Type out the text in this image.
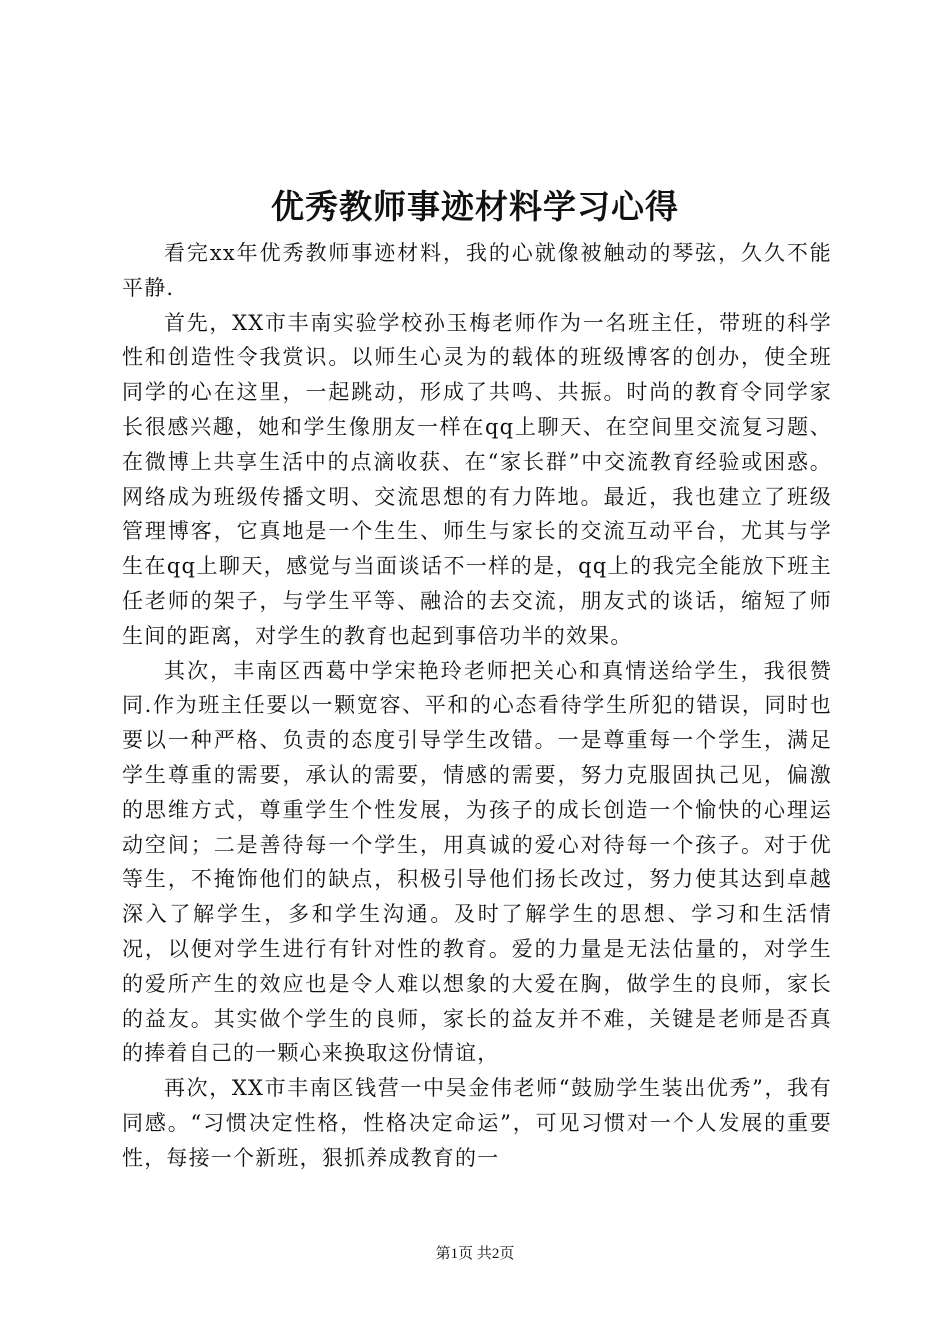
优秀教师事迹材料学习心得

看完xx年优秀教师事迹材料，我的心就像被触动的琴弦，久久不能平静.

首先，XX市丰南实验学校孙玉梅老师作为一名班主任，带班的科学性和创造性令我赏识。以师生心灵为的载体的班级博客的创办，使全班同学的心在这里，一起跳动，形成了共鸣、共振。时尚的教育令同学家长很感兴趣，她和学生像朋友一样在qq上聊天、在空间里交流复习题、在微博上共享生活中的点滴收获、在“家长群”中交流教育经验或困惑。网络成为班级传播文明、交流思想的有力阵地。最近，我也建立了班级管理博客，它真地是一个生生、师生与家长的交流互动平台，尤其与学生在qq上聊天，感觉与当面谈话不一样的是，qq上的我完全能放下班主任老师的架子，与学生平等、融洽的去交流，朋友式的谈话，缩短了师生间的距离，对学生的教育也起到事倍功半的效果。

其次，丰南区西葛中学宋艳玲老师把关心和真情送给学生，我很赞同.作为班主任要以一颗宽容、平和的心态看待学生所犯的错误，同时也要以一种严格、负责的态度引导学生改错。一是尊重每一个学生，满足学生尊重的需要，承认的需要，情感的需要，努力克服固执己见，偏激的思维方式，尊重学生个性发展，为孩子的成长创造一个愉快的心理运动空间；二是善待每一个学生，用真诚的爱心对待每一个孩子。对于优等生，不掩饰他们的缺点，积极引导他们扬长改过，努力使其达到卓越深入了解学生，多和学生沟通。及时了解学生的思想、学习和生活情况，以便对学生进行有针对性的教育。爱的力量是无法估量的，对学生的爱所产生的效应也是令人难以想象的大爱在胸，做学生的良师，家长的益友。其实做个学生的良师，家长的益友并不难，关键是老师是否真的捧着自己的一颗心来换取这份情谊，

再次，XX市丰南区钱营一中吴金伟老师“鼓励学生装出优秀”，我有同感。“习惯决定性格，性格决定命运”，可见习惯对一个人发展的重要性，每接一个新班，狠抓养成教育的一

第1页 共2页
